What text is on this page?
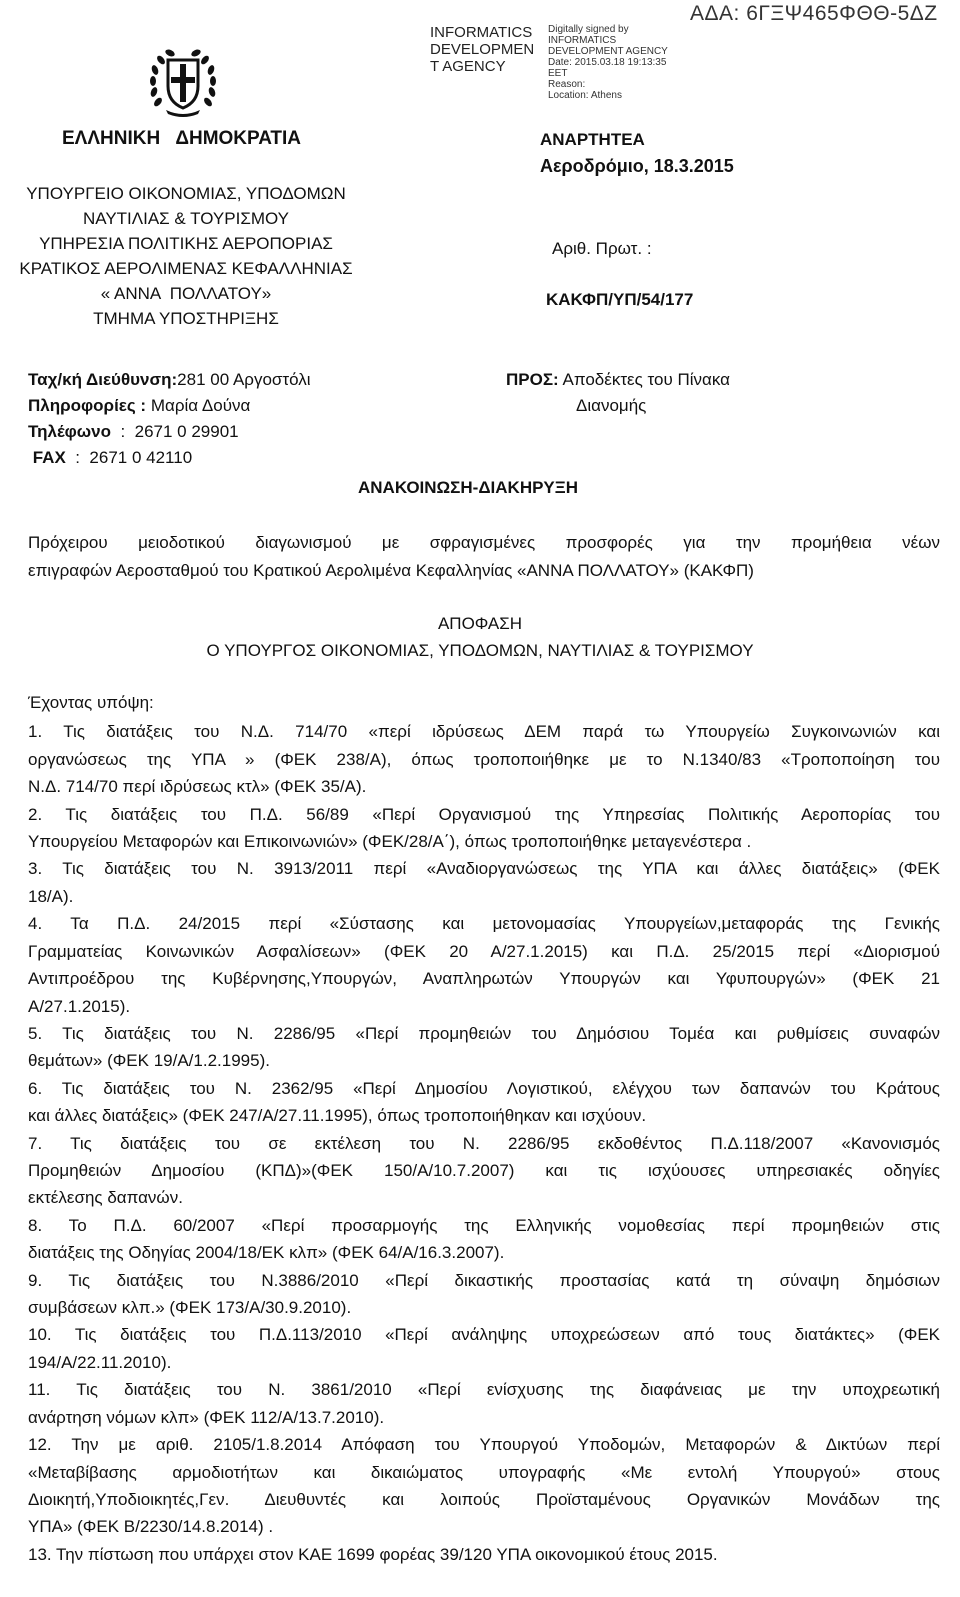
INFORMATICS
DEVELOPMEN
T AGENCY
Digitally signed by
INFORMATICS
DEVELOPMENT AGENCY
Date: 2015.03.18 19:13:35
EET
Reason:
Location: Athens
ΑΔΑ: 6ΓΞΨ465ΦΘΘ-5ΔΖ
ΕΛΛΗΝΙΚΗ   ΔΗΜΟΚΡΑΤΙΑ
ΥΠΟΥΡΓΕΙΟ ΟΙΚΟΝΟΜΙΑΣ, ΥΠΟΔΟΜΩΝ
ΝΑΥΤΙΛΙΑΣ & ΤΟΥΡΙΣΜΟΥ
ΥΠΗΡΕΣΙΑ ΠΟΛΙΤΙΚΗΣ ΑΕΡΟΠΟΡΙΑΣ
ΚΡΑΤΙΚΟΣ ΑΕΡΟΛΙΜΕΝΑΣ ΚΕΦΑΛΛΗΝΙΑΣ
« ΑΝΝΑ  ΠΟΛΛΑΤΟΥ»
ΤΜΗΜΑ ΥΠΟΣΤΗΡΙΞΗΣ
ΑΝΑΡΤΗΤΕΑ
Αεροδρόμιο, 18.3.2015
Αριθ. Πρωτ. :
ΚΑΚΦΠ/ΥΠ/54/177
Ταχ/κή Διεύθυνση:281 00 Αργοστόλι
Πληροφορίες : Μαρία Δούνα
Τηλέφωνο  :  2671 0 29901
FAX  :  2671 0 42110
ΠΡΟΣ: Αποδέκτες του Πίνακα
Διανομής
ΑΝΑΚΟΙΝΩΣΗ-ΔΙΑΚΗΡΥΞΗ
Πρόχειρου μειοδοτικού διαγωνισμού με σφραγισμένες προσφορές για την προμήθεια νέων
επιγραφών Αεροσταθμού του Κρατικού Αερολιμένα Κεφαλληνίας «ΑΝΝΑ ΠΟΛΛΑΤΟΥ» (ΚΑΚΦΠ)
ΑΠΟΦΑΣΗ
Ο ΥΠΟΥΡΓΟΣ ΟΙΚΟΝΟΜΙΑΣ, ΥΠΟΔΟΜΩΝ, ΝΑΥΤΙΛΙΑΣ & ΤΟΥΡΙΣΜΟΥ
Έχοντας υπόψη:
1. Τις διατάξεις του Ν.Δ. 714/70 «περί ιδρύσεως ΔΕΜ παρά τω Υπουργείω Συγκοινωνιών και
οργανώσεως της ΥΠΑ » (ΦΕΚ 238/Α), όπως τροποποιήθηκε με το Ν.1340/83 «Τροποποίηση του
Ν.Δ. 714/70 περί ιδρύσεως κτλ» (ΦΕΚ 35/Α).
2. Τις διατάξεις του Π.Δ. 56/89 «Περί Οργανισμού της Υπηρεσίας Πολιτικής Αεροπορίας του
Υπουργείου Μεταφορών και Επικοινωνιών» (ΦΕΚ/28/Α΄), όπως τροποποιήθηκε μεταγενέστερα .
3. Τις διατάξεις του Ν. 3913/2011 περί «Αναδιοργανώσεως της ΥΠΑ και άλλες διατάξεις» (ΦΕΚ
18/Α).
4. Τα Π.Δ. 24/2015 περί «Σύστασης και μετονομασίας Υπουργείων,μεταφοράς της Γενικής
Γραμματείας Κοινωνικών Ασφαλίσεων» (ΦΕΚ 20 Α/27.1.2015) και Π.Δ. 25/2015 περί «Διορισμού
Αντιπροέδρου της Κυβέρνησης,Υπουργών, Αναπληρωτών Υπουργών και Υφυπουργών» (ΦΕΚ 21
Α/27.1.2015).
5. Τις διατάξεις του Ν. 2286/95 «Περί προμηθειών του Δημόσιου Τομέα και ρυθμίσεις συναφών
θεμάτων» (ΦΕΚ 19/Α/1.2.1995).
6. Τις διατάξεις του Ν. 2362/95 «Περί Δημοσίου Λογιστικού, ελέγχου των δαπανών του Κράτους
και άλλες διατάξεις» (ΦΕΚ 247/Α/27.11.1995), όπως τροποποιήθηκαν και ισχύουν.
7. Τις διατάξεις του σε εκτέλεση του Ν. 2286/95 εκδοθέντος Π.Δ.118/2007 «Κανονισμός
Προμηθειών Δημοσίου (ΚΠΔ)»(ΦΕΚ 150/Α/10.7.2007) και τις ισχύουσες υπηρεσιακές οδηγίες
εκτέλεσης δαπανών.
8. Το Π.Δ. 60/2007 «Περί προσαρμογής της Ελληνικής νομοθεσίας περί προμηθειών στις
διατάξεις της Οδηγίας 2004/18/ΕΚ κλπ» (ΦΕΚ 64/Α/16.3.2007).
9. Τις διατάξεις του Ν.3886/2010 «Περί δικαστικής προστασίας κατά τη σύναψη δημόσιων
συμβάσεων κλπ.» (ΦΕΚ 173/Α/30.9.2010).
10. Τις διατάξεις του Π.Δ.113/2010 «Περί ανάληψης υποχρεώσεων από τους διατάκτες» (ΦΕΚ
194/Α/22.11.2010).
11. Τις διατάξεις του Ν. 3861/2010 «Περί ενίσχυσης της διαφάνειας με την υποχρεωτική
ανάρτηση νόμων κλπ» (ΦΕΚ 112/Α/13.7.2010).
12. Την με αριθ. 2105/1.8.2014 Απόφαση του Υπουργού Υποδομών, Μεταφορών & Δικτύων περί
«Μεταβίβασης αρμοδιοτήτων και δικαιώματος υπογραφής «Με εντολή Υπουργού» στους
Διοικητή,Υποδιοικητές,Γεν. Διευθυντές και λοιπούς Προϊσταμένους Οργανικών Μονάδων της
ΥΠΑ» (ΦΕΚ Β/2230/14.8.2014) .
13. Την πίστωση που υπάρχει στον ΚΑΕ 1699 φορέας 39/120 ΥΠΑ οικονομικού έτους 2015.
